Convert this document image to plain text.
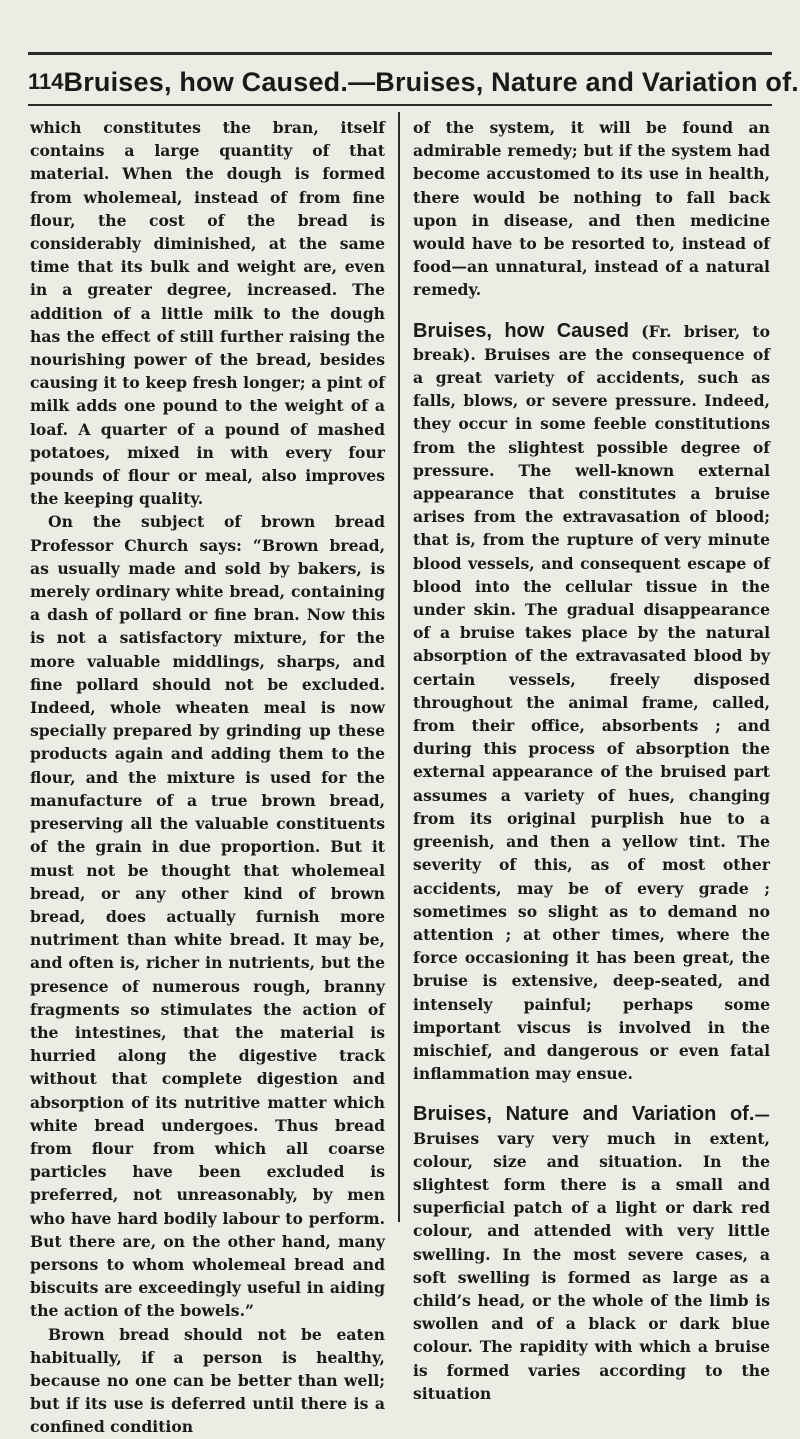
114 Bruises, how Caused.—Bruises, Nature and Variation of.

which constitutes the bran, itself contains a large quantity of that material. When the dough is formed from wholemeal, instead of from fine flour, the cost of the bread is considerably diminished, at the same time that its bulk and weight are, even in a greater degree, increased. The addition of a little milk to the dough has the effect of still further raising the nourishing power of the bread, besides causing it to keep fresh longer; a pint of milk adds one pound to the weight of a loaf. A quarter of a pound of mashed potatoes, mixed in with every four pounds of flour or meal, also improves the keeping quality.

On the subject of brown bread Professor Church says: “Brown bread, as usually made and sold by bakers, is merely ordinary white bread, containing a dash of pollard or fine bran. Now this is not a satisfactory mixture, for the more valuable middlings, sharps, and fine pollard should not be excluded. Indeed, whole wheaten meal is now specially prepared by grinding up these products again and adding them to the flour, and the mixture is used for the manufacture of a true brown bread, preserving all the valuable constituents of the grain in due proportion. But it must not be thought that wholemeal bread, or any other kind of brown bread, does actually furnish more nutriment than white bread. It may be, and often is, richer in nutrients, but the presence of numerous rough, branny fragments so stimulates the action of the intestines, that the material is hurried along the digestive track without that complete digestion and absorption of its nutritive matter which white bread undergoes. Thus bread from flour from which all coarse particles have been excluded is preferred, not unreasonably, by men who have hard bodily labour to perform. But there are, on the other hand, many persons to whom wholemeal bread and biscuits are exceedingly useful in aiding the action of the bowels.”

Brown bread should not be eaten habitually, if a person is healthy, because no one can be better than well; but if its use is deferred until there is a confined condition

of the system, it will be found an admirable remedy; but if the system had become accustomed to its use in health, there would be nothing to fall back upon in disease, and then medicine would have to be resorted to, instead of food—an unnatural, instead of a natural remedy.

Bruises, how Caused (Fr. briser, to break). Bruises are the consequence of a great variety of accidents, such as falls, blows, or severe pressure. Indeed, they occur in some feeble constitutions from the slightest possible degree of pressure. The well-known external appearance that constitutes a bruise arises from the extravasation of blood; that is, from the rupture of very minute blood vessels, and consequent escape of blood into the cellular tissue in the under skin. The gradual disappearance of a bruise takes place by the natural absorption of the extravasated blood by certain vessels, freely disposed throughout the animal frame, called, from their office, absorbents ; and during this process of absorption the external appearance of the bruised part assumes a variety of hues, changing from its original purplish hue to a greenish, and then a yellow tint. The severity of this, as of most other accidents, may be of every grade ; sometimes so slight as to demand no attention ; at other times, where the force occasioning it has been great, the bruise is extensive, deep-seated, and intensely painful; perhaps some important viscus is involved in the mischief, and dangerous or even fatal inflammation may ensue.

Bruises, Nature and Variation of.—Bruises vary very much in extent, colour, size and situation. In the slightest form there is a small and superficial patch of a light or dark red colour, and attended with very little swelling. In the most severe cases, a soft swelling is formed as large as a child’s head, or the whole of the limb is swollen and of a black or dark blue colour. The rapidity with which a bruise is formed varies according to the situation
